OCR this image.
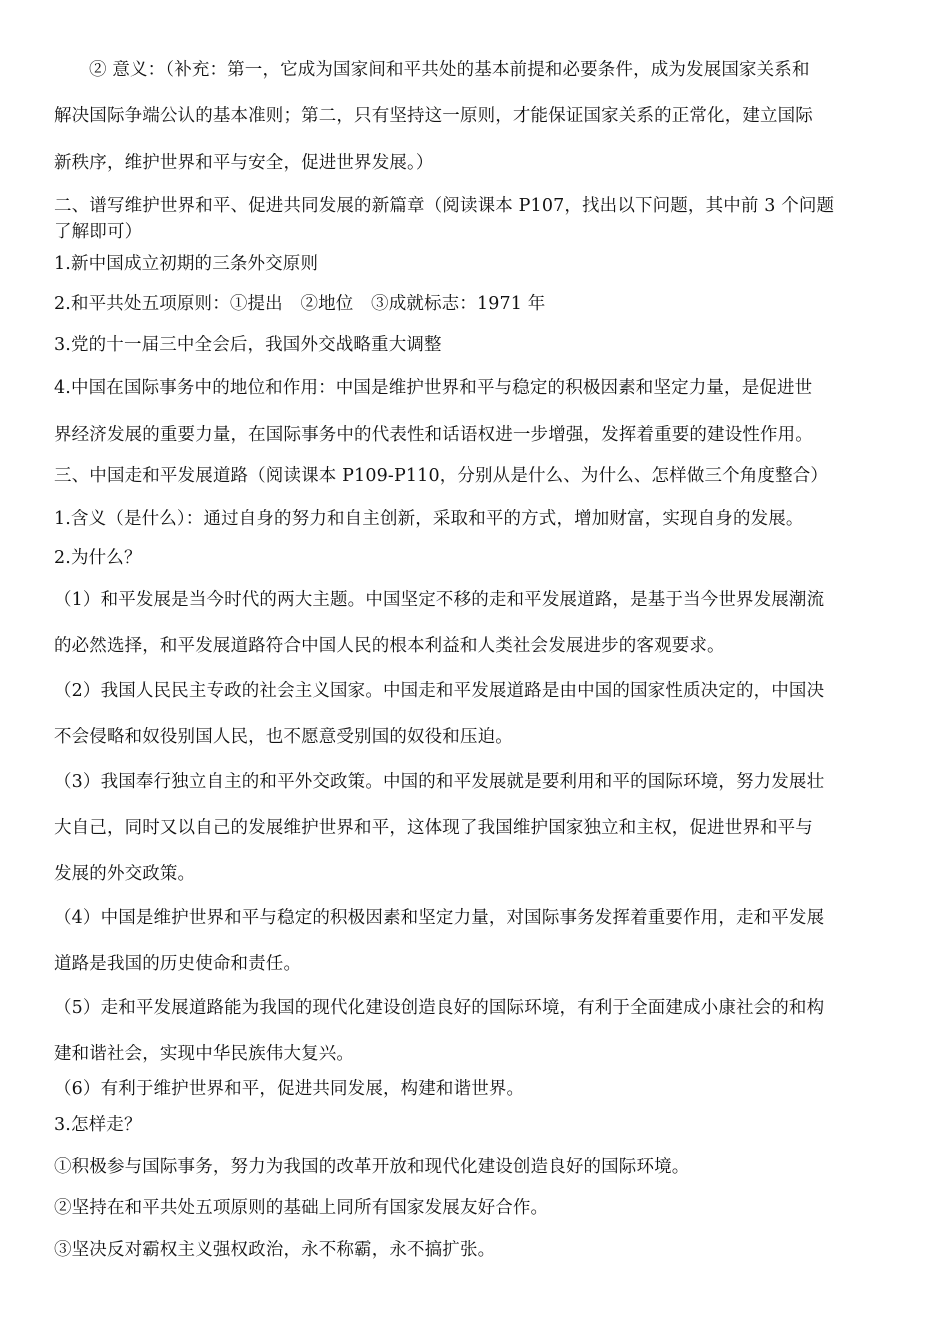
② 意义：（补充：第一，它成为国家间和平共处的基本前提和必要条件，成为发展国家关系和
解决国际争端公认的基本准则；第二，只有坚持这一原则，才能保证国家关系的正常化，建立国际
新秩序，维护世界和平与安全，促进世界发展。）
二、谱写维护世界和平、促进共同发展的新篇章（阅读课本 P107，找出以下问题，其中前 3 个问题
了解即可）
1.新中国成立初期的三条外交原则
2.和平共处五项原则：①提出　②地位　③成就标志：1971 年
3.党的十一届三中全会后，我国外交战略重大调整
4.中国在国际事务中的地位和作用：中国是维护世界和平与稳定的积极因素和坚定力量，是促进世
界经济发展的重要力量，在国际事务中的代表性和话语权进一步增强，发挥着重要的建设性作用。
三、中国走和平发展道路（阅读课本 P109-P110，分别从是什么、为什么、怎样做三个角度整合）
1.含义（是什么）：通过自身的努力和自主创新，采取和平的方式，增加财富，实现自身的发展。
2.为什么？
（1）和平发展是当今时代的两大主题。中国坚定不移的走和平发展道路，是基于当今世界发展潮流
的必然选择，和平发展道路符合中国人民的根本利益和人类社会发展进步的客观要求。
（2）我国人民民主专政的社会主义国家。中国走和平发展道路是由中国的国家性质决定的，中国决
不会侵略和奴役别国人民，也不愿意受别国的奴役和压迫。
（3）我国奉行独立自主的和平外交政策。中国的和平发展就是要利用和平的国际环境，努力发展壮
大自己，同时又以自己的发展维护世界和平，这体现了我国维护国家独立和主权，促进世界和平与
发展的外交政策。
（4）中国是维护世界和平与稳定的积极因素和坚定力量，对国际事务发挥着重要作用，走和平发展
道路是我国的历史使命和责任。
（5）走和平发展道路能为我国的现代化建设创造良好的国际环境，有利于全面建成小康社会的和构
建和谐社会，实现中华民族伟大复兴。
（6）有利于维护世界和平，促进共同发展，构建和谐世界。
3.怎样走？
①积极参与国际事务，努力为我国的改革开放和现代化建设创造良好的国际环境。
②坚持在和平共处五项原则的基础上同所有国家发展友好合作。
③坚决反对霸权主义强权政治，永不称霸，永不搞扩张。
